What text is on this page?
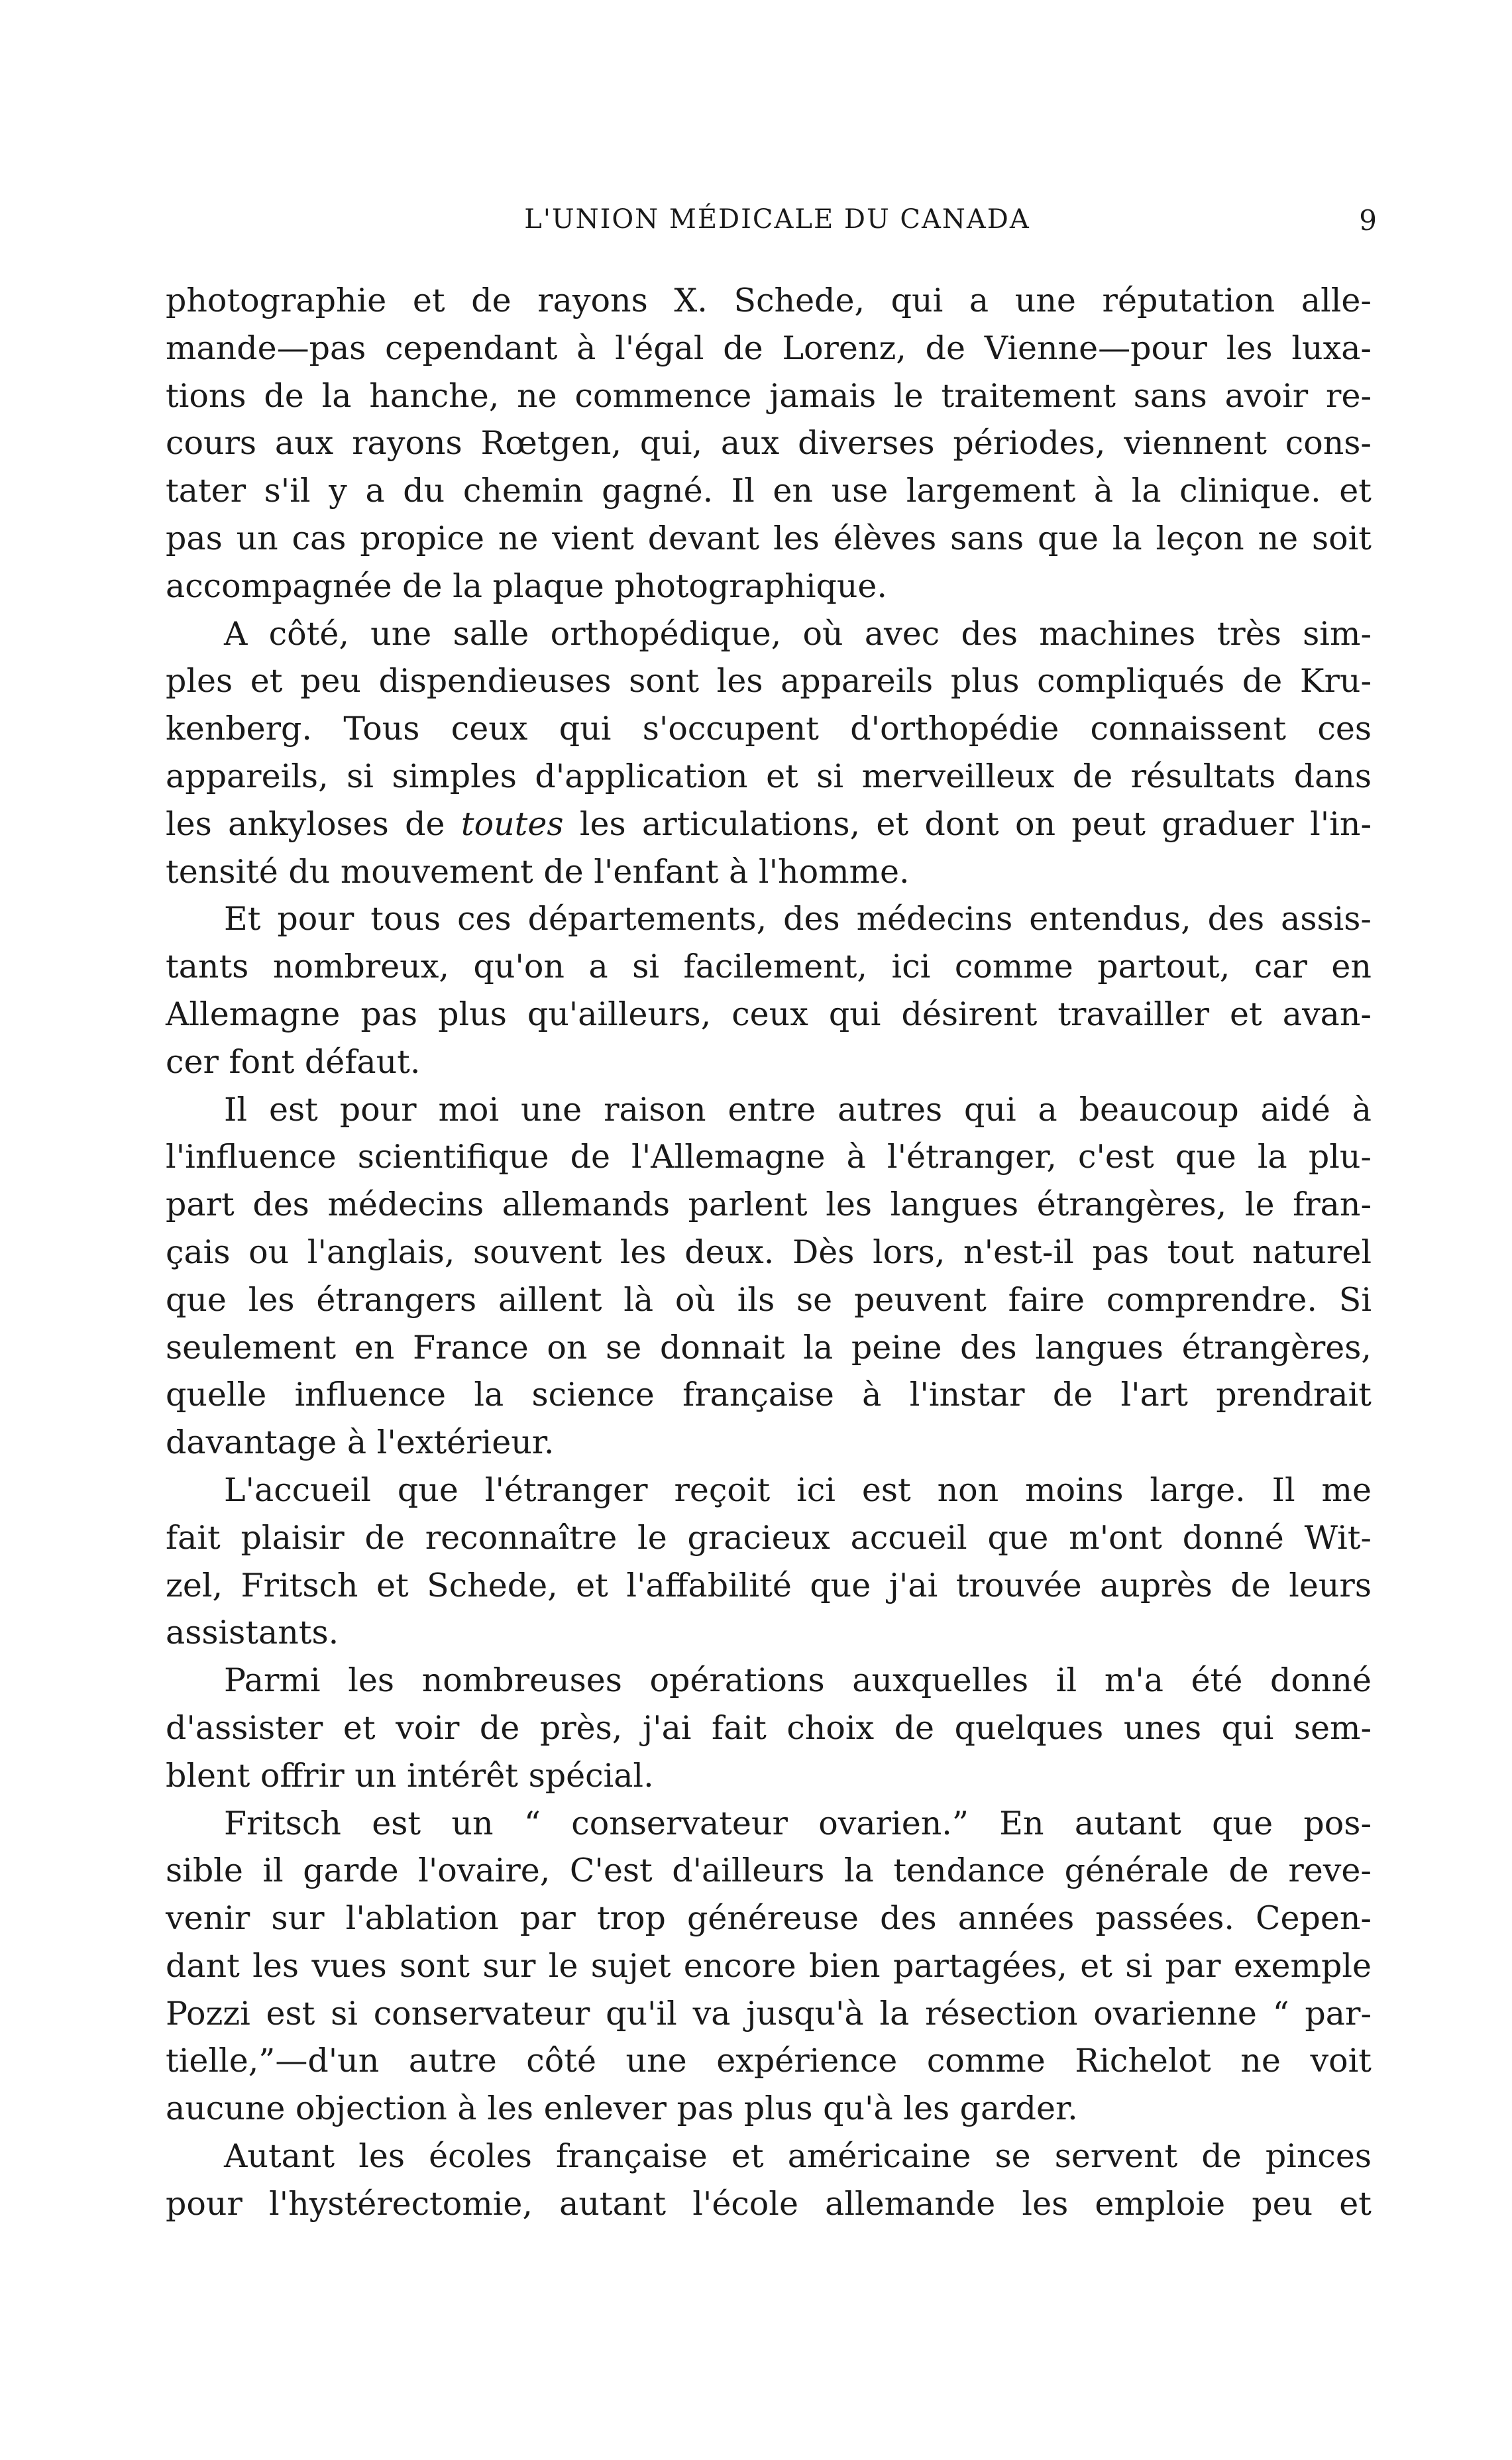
L'UNION MÉDICALE DU CANADA	9
photographie et de rayons X. Schede, qui a une réputation alle-
mande—pas cependant à l'égal de Lorenz, de Vienne—pour les luxa-
tions de la hanche, ne commence jamais le traitement sans avoir re-
cours aux rayons Rœtgen, qui, aux diverses périodes, viennent cons-
tater s'il y a du chemin gagné. Il en use largement à la clinique. et
pas un cas propice ne vient devant les élèves sans que la leçon ne soit
accompagnée de la plaque photographique.
A côté, une salle orthopédique, où avec des machines très sim-
ples et peu dispendieuses sont les appareils plus compliqués de Kru-
kenberg. Tous ceux qui s'occupent d'orthopédie connaissent ces
appareils, si simples d'application et si merveilleux de résultats dans
les ankyloses de toutes les articulations, et dont on peut graduer l'in-
tensité du mouvement de l'enfant à l'homme.
Et pour tous ces départements, des médecins entendus, des assis-
tants nombreux, qu'on a si facilement, ici comme partout, car en
Allemagne pas plus qu'ailleurs, ceux qui désirent travailler et avan-
cer font défaut.
Il est pour moi une raison entre autres qui a beaucoup aidé à
l'influence scientifique de l'Allemagne à l'étranger, c'est que la plu-
part des médecins allemands parlent les langues étrangères, le fran-
çais ou l'anglais, souvent les deux. Dès lors, n'est-il pas tout naturel
que les étrangers aillent là où ils se peuvent faire comprendre. Si
seulement en France on se donnait la peine des langues étrangères,
quelle influence la science française à l'instar de l'art prendrait
davantage à l'extérieur.
L'accueil que l'étranger reçoit ici est non moins large. Il me
fait plaisir de reconnaître le gracieux accueil que m'ont donné Wit-
zel, Fritsch et Schede, et l'affabilité que j'ai trouvée auprès de leurs
assistants.
Parmi les nombreuses opérations auxquelles il m'a été donné
d'assister et voir de près, j'ai fait choix de quelques unes qui sem-
blent offrir un intérêt spécial.
Fritsch est un “ conservateur ovarien.” En autant que pos-
sible il garde l'ovaire, C'est d'ailleurs la tendance générale de reve-
venir sur l'ablation par trop généreuse des années passées. Cepen-
dant les vues sont sur le sujet encore bien partagées, et si par exemple
Pozzi est si conservateur qu'il va jusqu'à la résection ovarienne “ par-
tielle,”—d'un autre côté une expérience comme Richelot ne voit
aucune objection à les enlever pas plus qu'à les garder.
Autant les écoles française et américaine se servent de pinces
pour l'hystérectomie, autant l'école allemande les emploie peu et
